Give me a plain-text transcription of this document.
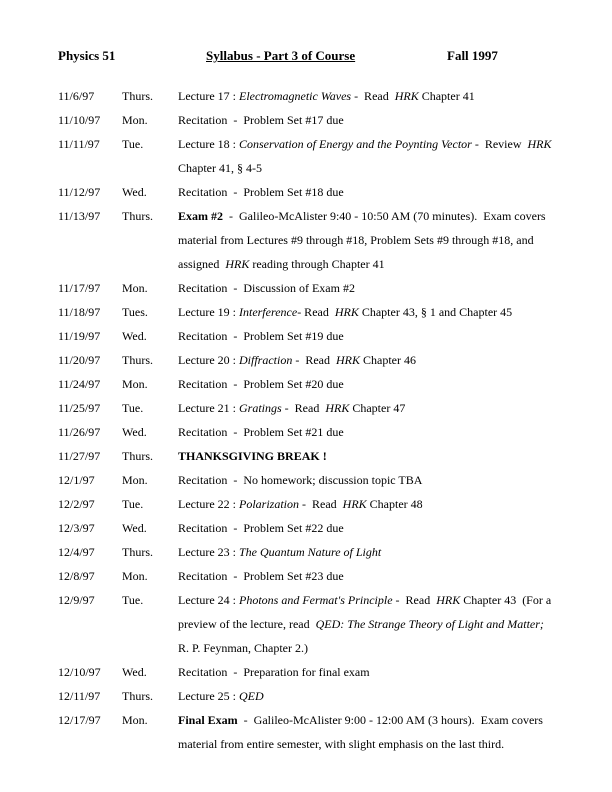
Physics 51	Syllabus - Part 3 of Course	Fall 1997
11/6/97	Thurs.	Lecture 17 : Electromagnetic Waves -  Read  HRK Chapter 41
11/10/97	Mon.	Recitation  -  Problem Set #17 due
11/11/97	Tue.	Lecture 18 : Conservation of Energy and the Poynting Vector -  Review  HRK Chapter 41, § 4-5
11/12/97	Wed.	Recitation  -  Problem Set #18 due
11/13/97	Thurs.	Exam #2  -  Galileo-McAlister 9:40 - 10:50 AM (70 minutes).  Exam covers material from Lectures #9 through #18, Problem Sets #9 through #18, and assigned  HRK reading through Chapter 41
11/17/97	Mon.	Recitation  -  Discussion of Exam #2
11/18/97	Tues.	Lecture 19 : Interference- Read  HRK Chapter 43, § 1 and Chapter 45
11/19/97	Wed.	Recitation  -  Problem Set #19 due
11/20/97	Thurs.	Lecture 20 : Diffraction -  Read  HRK Chapter 46
11/24/97	Mon.	Recitation  -  Problem Set #20 due
11/25/97	Tue.	Lecture 21 : Gratings -  Read  HRK Chapter 47
11/26/97	Wed.	Recitation  -  Problem Set #21 due
11/27/97	Thurs.	THANKSGIVING BREAK !
12/1/97	Mon.	Recitation  -  No homework; discussion topic TBA
12/2/97	Tue.	Lecture 22 : Polarization -  Read  HRK Chapter 48
12/3/97	Wed.	Recitation  -  Problem Set #22 due
12/4/97	Thurs.	Lecture 23 : The Quantum Nature of Light
12/8/97	Mon.	Recitation  -  Problem Set #23 due
12/9/97	Tue.	Lecture 24 : Photons and Fermat's Principle -  Read  HRK Chapter 43  (For a preview of the lecture, read  QED: The Strange Theory of Light and Matter; R. P. Feynman, Chapter 2.)
12/10/97	Wed.	Recitation  -  Preparation for final exam
12/11/97	Thurs.	Lecture 25 : QED
12/17/97	Mon.	Final Exam  -  Galileo-McAlister 9:00 - 12:00 AM (3 hours).  Exam covers material from entire semester, with slight emphasis on the last third.
